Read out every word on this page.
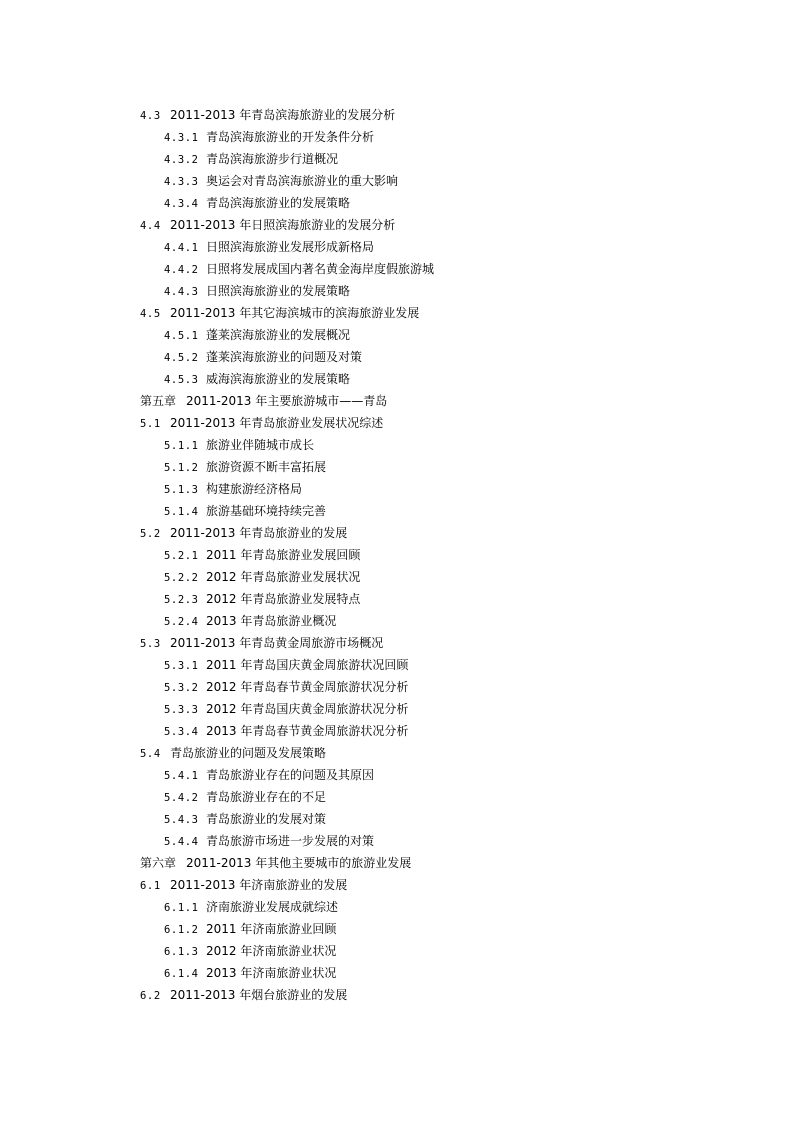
4.3 2011-2013 年青岛滨海旅游业的发展分析
4.3.1 青岛滨海旅游业的开发条件分析
4.3.2 青岛滨海旅游步行道概况
4.3.3 奥运会对青岛滨海旅游业的重大影响
4.3.4 青岛滨海旅游业的发展策略
4.4 2011-2013 年日照滨海旅游业的发展分析
4.4.1 日照滨海旅游业发展形成新格局
4.4.2 日照将发展成国内著名黄金海岸度假旅游城
4.4.3 日照滨海旅游业的发展策略
4.5 2011-2013 年其它海滨城市的滨海旅游业发展
4.5.1 蓬莱滨海旅游业的发展概况
4.5.2 蓬莱滨海旅游业的问题及对策
4.5.3 威海滨海旅游业的发展策略
第五章 2011-2013 年主要旅游城市——青岛
5.1 2011-2013 年青岛旅游业发展状况综述
5.1.1 旅游业伴随城市成长
5.1.2 旅游资源不断丰富拓展
5.1.3 构建旅游经济格局
5.1.4 旅游基础环境持续完善
5.2 2011-2013 年青岛旅游业的发展
5.2.1 2011 年青岛旅游业发展回顾
5.2.2 2012 年青岛旅游业发展状况
5.2.3 2012 年青岛旅游业发展特点
5.2.4 2013 年青岛旅游业概况
5.3 2011-2013 年青岛黄金周旅游市场概况
5.3.1 2011 年青岛国庆黄金周旅游状况回顾
5.3.2 2012 年青岛春节黄金周旅游状况分析
5.3.3 2012 年青岛国庆黄金周旅游状况分析
5.3.4 2013 年青岛春节黄金周旅游状况分析
5.4 青岛旅游业的问题及发展策略
5.4.1 青岛旅游业存在的问题及其原因
5.4.2 青岛旅游业存在的不足
5.4.3 青岛旅游业的发展对策
5.4.4 青岛旅游市场进一步发展的对策
第六章 2011-2013 年其他主要城市的旅游业发展
6.1 2011-2013 年济南旅游业的发展
6.1.1 济南旅游业发展成就综述
6.1.2 2011 年济南旅游业回顾
6.1.3 2012 年济南旅游业状况
6.1.4 2013 年济南旅游业状况
6.2 2011-2013 年烟台旅游业的发展
